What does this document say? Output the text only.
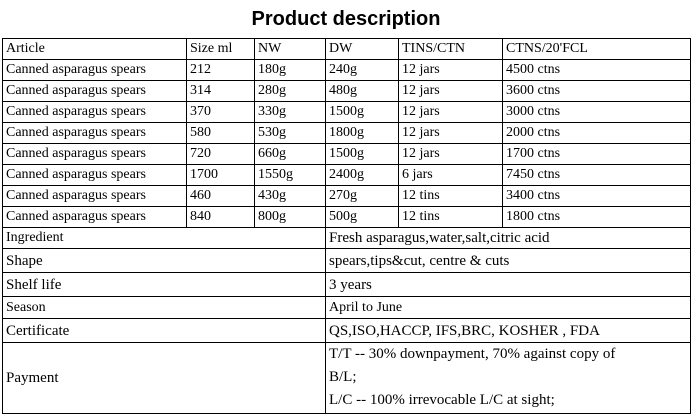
Product description
Article	Size ml	NW	DW	TINS/CTN	CTNS/20'FCL
Canned asparagus spears	212	180g	240g	12 jars	4500 ctns
Canned asparagus spears	314	280g	480g	12 jars	3600 ctns
Canned asparagus spears	370	330g	1500g	12 jars	3000 ctns
Canned asparagus spears	580	530g	1800g	12 jars	2000 ctns
Canned asparagus spears	720	660g	1500g	12 jars	1700 ctns
Canned asparagus spears	1700	1550g	2400g	6 jars	7450 ctns
Canned asparagus spears	460	430g	270g	12 tins	3400 ctns
Canned asparagus spears	840	800g	500g	12 tins	1800 ctns
Ingredient			Fresh asparagus,water,salt,citric acid		
Shape			spears,tips&cut, centre & cuts		
Shelf life			3 years		
Season			April to June		
Certificate			QS,ISO,HACCP, IFS,BRC, KOSHER , FDA		
Payment			T/T -- 30% downpayment, 70% against copy of
B/L;
L/C -- 100% irrevocable L/C at sight;		
